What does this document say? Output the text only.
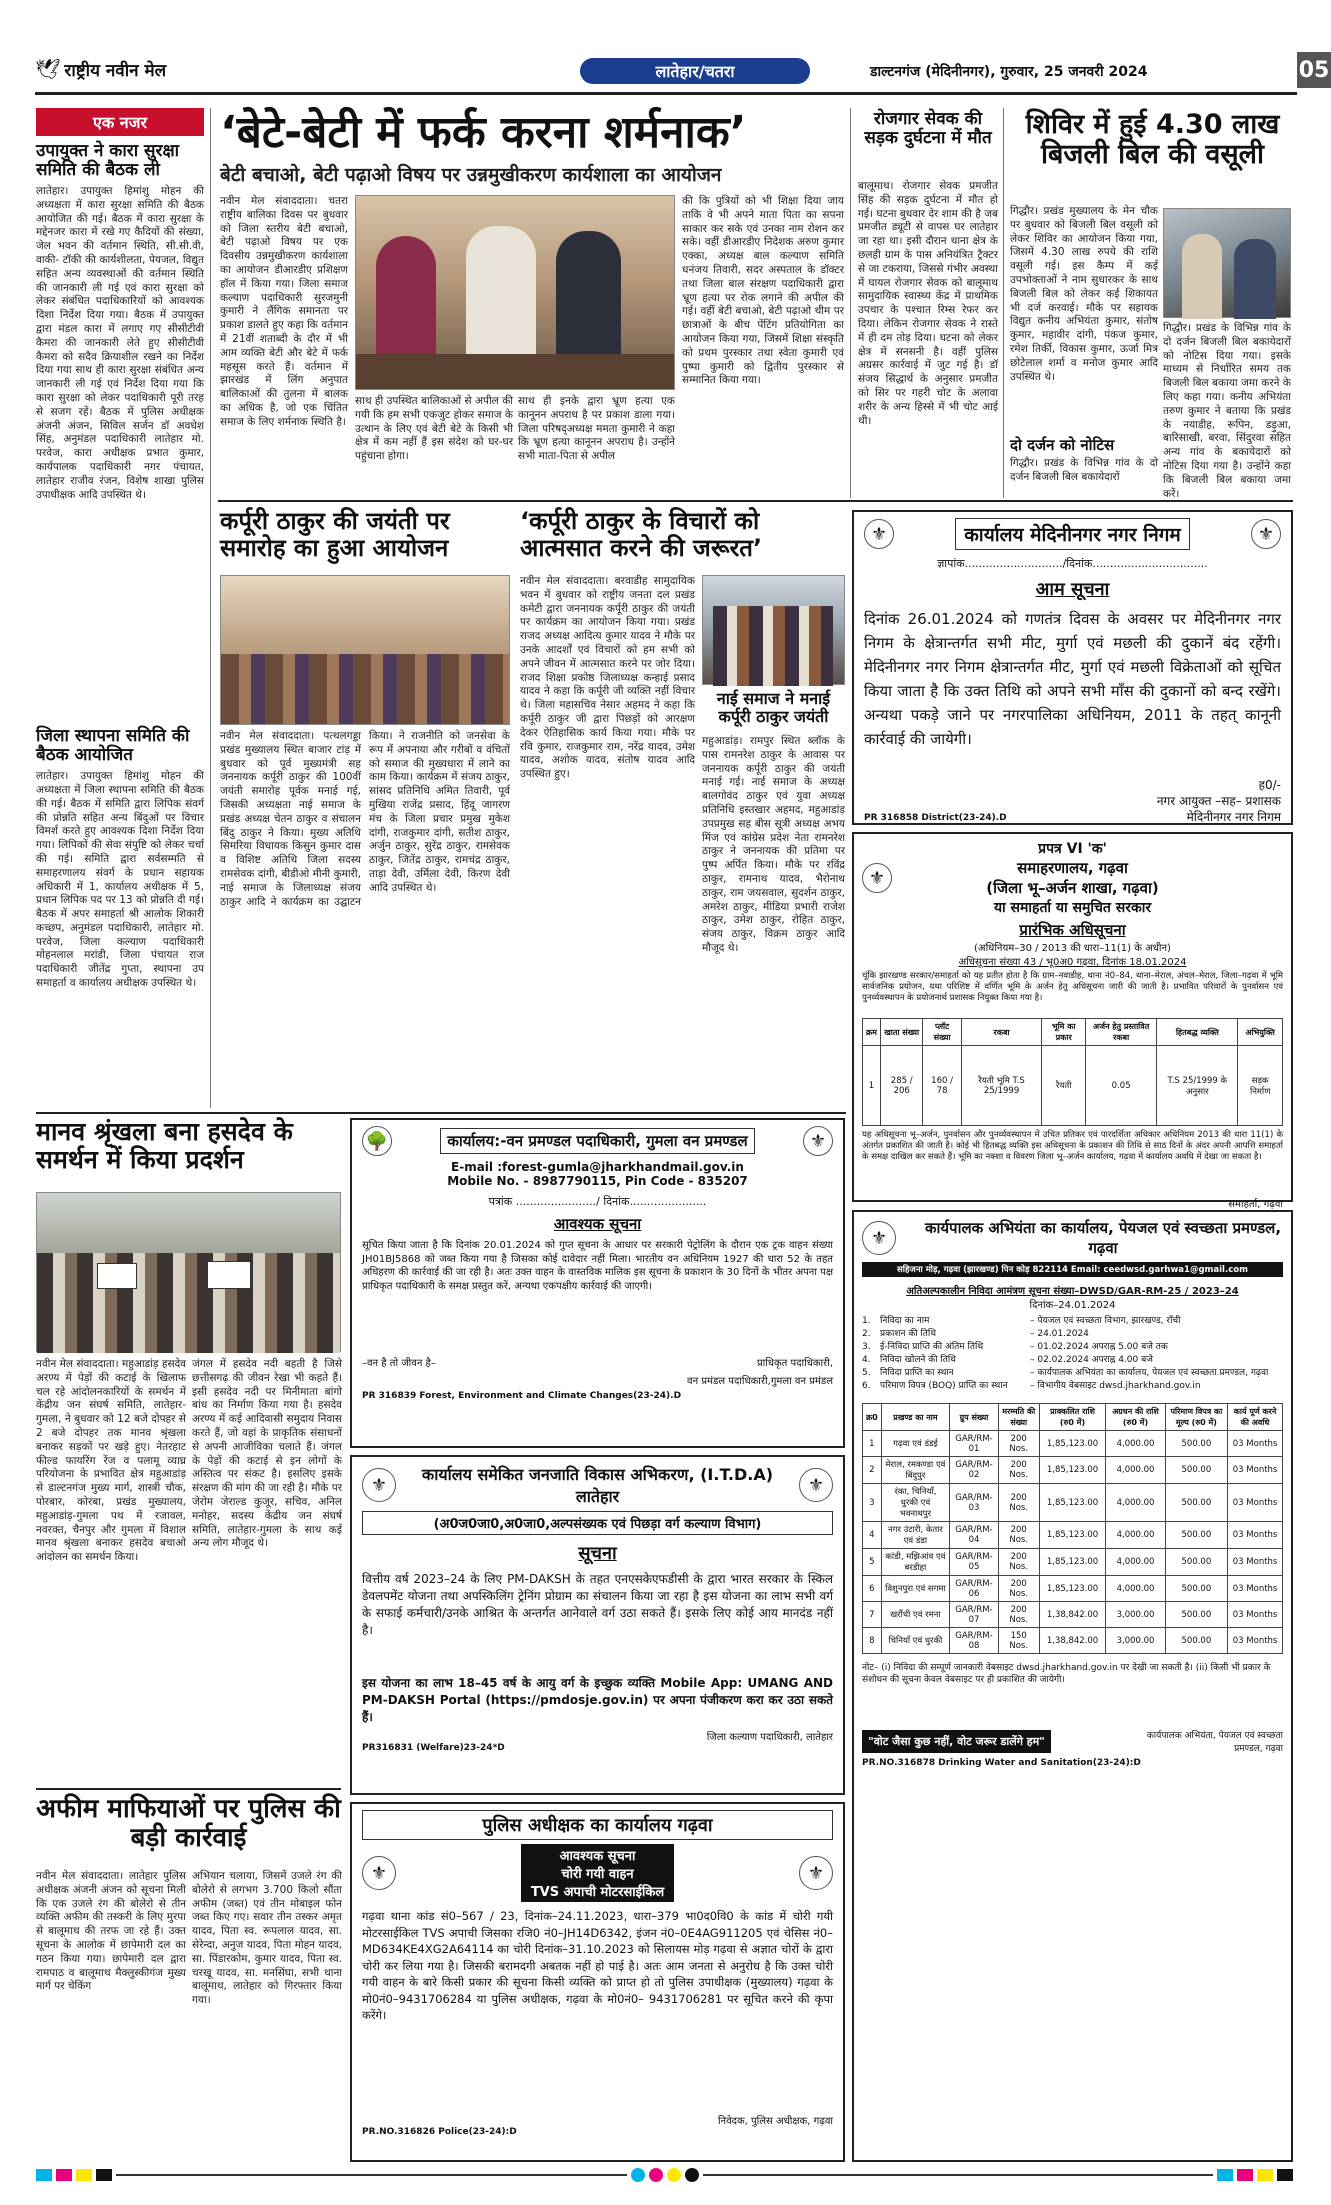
🕊 राष्ट्रीय नवीन मेल	लातेहार/चतरा	डाल्टनगंज (मेदिनीनगर), गुरुवार, 25 जनवरी 2024	05
एक नजर
उपायुक्त ने कारा सुरक्षा समिति की बैठक ली
लातेहार। उपायुक्त हिमांशु मोहन की अध्यक्षता में कारा सुरक्षा समिति की बैठक आयोजित की गई। बैठक में कारा सुरक्षा के मद्देनजर कारा में रखे गए कैदियों की संख्या, जेल भवन की वर्तमान स्थिति, सी.सी.वी, वाकी- टॉकी की कार्यशीलता, पेयजल, विद्युत सहित अन्य व्यवस्थाओं की वर्तमान स्थिति की जानकारी ली गई एवं कारा सुरक्षा को लेकर संबंधित पदाधिकारियों को आवश्यक दिशा निर्देश दिया गया। बैठक में उपायुक्त द्वारा मंडल कारा में लगाए गए सीसीटीवी कैमरा की जानकारी लेते हुए सीसीटीवी कैमरा को सदैव क्रियाशील रखने का निर्देश दिया गया साथ ही कारा सुरक्षा संबंधित अन्य जानकारी ली गई एवं निर्देश दिया गया कि कारा सुरक्षा को लेकर पदाधिकारी पूरी तरह से सजग रहें। बैठक में पुलिस अधीक्षक अंजनी अंजन, सिविल सर्जन डॉ अवधेश सिंह, अनुमंडल पदाधिकारी लातेहार मो. परवेज, कारा अधीक्षक प्रभात कुमार, कार्यपालक पदाधिकारी नगर पंचायत, लातेहार राजीव रंजन, विशेष शाखा पुलिस उपाधीक्षक आदि उपस्थित थे।
जिला स्थापना समिति की बैठक आयोजित
लातेहार। उपायुक्त हिमांशु मोहन की अध्यक्षता में जिला स्थापना समिति की बैठक की गई। बैठक में समिति द्वारा लिपिक संवर्ग की प्रोन्नति सहित अन्य बिंदुओं पर विचार विमर्श करते हुए आवश्यक दिशा निर्देश दिया गया। लिपिकों की सेवा संपुष्टि को लेकर चर्चा की गई। समिति द्वारा सर्वसम्मति से समाहरणालय संवर्ग के प्रधान सहायक अधिकारी में 1, कार्यालय अधीक्षक में 5, प्रधान लिपिक पद पर 13 को प्रोन्नति दी गई। बैठक में अपर समाहर्ता श्री आलोक शिकारी कच्छप, अनुमंडल पदाधिकारी, लातेहार मो. परवेज, जिला कल्याण पदाधिकारी मोहनलाल मरांडी, जिला पंचायत राज पदाधिकारी जीतेंद्र गुप्ता, स्थापना उप समाहर्ता व कार्यालय अधीक्षक उपस्थित थे।
‘बेटे-बेटी में फर्क करना शर्मनाक’
बेटी बचाओ, बेटी पढ़ाओ विषय पर उन्नमुखीकरण कार्यशाला का आयोजन
नवीन मेल संवाददाता। चतरा राष्ट्रीय बालिका दिवस पर बुधवार को जिला स्तरीय बेटी बचाओ, बेटी पढ़ाओ विषय पर एक दिवसीय उन्नमुखीकरण कार्यशाला का आयोजन डीआरडीए प्रशिक्षण हॉल में किया गया। जिला समाज कल्याण पदाधिकारी सुरजमुनी कुमारी ने लैंगिक समानता पर प्रकाश डालते हुए कहा कि वर्तमान में 21वीं शताब्दी के दौर में भी आम व्यक्ति बेटी और बेटे में फर्क महसूस करते हैं। वर्तमान में झारखंड में लिंग अनुपात बालिकाओं की तुलना में बालक का अधिक है, जो एक चिंतित समाज के लिए शर्मनाक स्थिति है।
साथ ही उपस्थित बालिकाओं से अपील की गयी कि हम सभी एकजुट होकर समाज के उत्थान के लिए एवं बेटी बेटे के किसी भी क्षेत्र में कम नहीं हैं इस संदेश को घर-घर पहुंचाना होगा।
साथ ही इनके द्वारा भ्रूण हत्या एक कानूनन अपराध है पर प्रकाश डाला गया। जिला परिषद्अध्यक्ष ममता कुमारी ने कहा कि भ्रूण हत्या कानूनन अपराध है। उन्होंने सभी माता-पिता से अपील
की कि पुत्रियों को भी शिक्षा दिया जाय ताकि वे भी अपने माता पिता का सपना साकार कर सके एवं उनका नाम रोशन कर सके। वहीं डीआरडीए निदेशक अरुण कुमार एक्का, अध्यक्ष बाल कल्याण समिति धनंजय तिवारी, सदर अस्पताल के डॉक्टर तथा जिला बाल संरक्षण पदाधिकारी द्वारा भ्रूण हत्या पर रोक लगाने की अपील की गई। वहीं बेटी बचाओ, बेटी पढ़ाओ थीम पर छात्राओं के बीच पेंटिंग प्रतियोगिता का आयोजन किया गया, जिसमें शिक्षा संस्कृति को प्रथम पुरस्कार तथा स्वेता कुमारी एवं पुष्पा कुमारी को द्वितीय पुरस्कार से सम्मानित किया गया।
रोजगार सेवक की सड़क दुर्घटना में मौत
बालूमाथ। रोजगार सेवक प्रमजीत सिंह की सड़क दुर्घटना में मौत हो गई। घटना बुधवार देर शाम की है जब प्रमजीत ड्यूटी से वापस घर लातेहार जा रहा था। इसी दौरान थाना क्षेत्र के छलही ग्राम के पास अनियंत्रित ट्रैक्टर से जा टकराया, जिससे गंभीर अवस्था में घायल रोजगार सेवक को बालूमाथ सामुदायिक स्वास्थ्य केंद्र में प्राथमिक उपचार के पश्चात रिम्स रेफर कर दिया। लेकिन रोजगार सेवक ने रास्ते में ही दम तोड़ दिया। घटना को लेकर क्षेत्र में सनसनी है। वहीं पुलिस अग्रसर कार्रवाई में जुट गई है। डॉ संजय सिद्धार्थ के अनुसार प्रमजीत को सिर पर गहरी चोट के अलावा शरीर के अन्य हिस्से में भी चोट आई थी।
शिविर में हुई 4.30 लाख बिजली बिल की वसूली
गिद्धौर। प्रखंड मुख्यालय के मेन चौक पर बुधवार को बिजली बिल वसूली को लेकर शिविर का आयोजन किया गया, जिसमें 4.30 लाख रुपये की राशि वसूली गई। इस कैम्प में कई उपभोक्ताओं ने नाम सुधारकर के साथ बिजली बिल को लेकर कई शिकायत भी दर्ज करवाई। मौके पर सहायक विद्युत कनीय अभियंता कुमार, संतोष कुमार, महावीर दांगी, पंकज कुमार, रमेश तिर्की, विकास कुमार, ऊर्जा मित्र छोटेलाल शर्मा व मनोज कुमार आदि उपस्थित थे।
गिद्धौर। प्रखंड के विभिन्न गांव के दो दर्जन बिजली बिल बकायेदारों को नोटिस दिया गया। इसके माध्यम से निर्धारित समय तक बिजली बिल बकाया जमा करने के लिए कहा गया। कनीय अभियंता तरुण कुमार ने बताया कि प्रखंड के नयाडीह, रूपिन, डड़ुआ, बारिसाखी, बरवा, सिंदुरवा सहित अन्य गांव के बकायेदारों को नोटिस दिया गया है। उन्होंने कहा कि बिजली बिल बकाया जमा करें।
दो दर्जन को नोटिस
गिद्धौर। प्रखंड के विभिन्न गांव के दो दर्जन बिजली बिल बकायेदारों
कर्पूरी ठाकुर की जयंती पर समारोह का हुआ आयोजन
नवीन मेल संवाददाता। पत्थलगड्डा प्रखंड मुख्यालय स्थित बाजार टांड़ में बुधवार को पूर्व मुख्यमंत्री सह जननायक कर्पूरी ठाकुर की 100वीं जयंती समारोह पूर्वक मनाई गई, जिसकी अध्यक्षता नाई समाज के प्रखंड अध्यक्ष चेतन ठाकुर व संचालन बिंदु ठाकुर ने किया। मुख्य अतिथि सिमरिया विधायक किसुन कुमार दास व विशिष्ट अतिथि जिला सदस्य रामसेवक दांगी, बीडीओ मीनी कुमारी, नाई समाज के जिलाध्यक्ष संजय ठाकुर आदि ने कार्यक्रम का उद्घाटन किया। ने राजनीति को जनसेवा के रूप में अपनाया और गरीबों व वंचितों को समाज की मुख्यधारा में लाने का काम किया। कार्यक्रम में संजय ठाकुर, सांसद प्रतिनिधि अमित तिवारी, पूर्व मुखिया राजेंद्र प्रसाद, हिंदू जागरण मंच के जिला प्रचार प्रमुख मुकेश दांगी, राजकुमार दांगी, सतीश ठाकुर, अर्जुन ठाकुर, सुरेंद्र ठाकुर, रामसेवक ठाकुर, जितेंद्र ठाकुर, रामचंद्र ठाकुर, ताड़ा देवी, उर्मिला देवी, किरण देवी आदि उपस्थित थे।
‘कर्पूरी ठाकुर के विचारों को आत्मसात करने की जरूरत’
नवीन मेल संवाददाता। बरवाडीह सामुदायिक भवन में बुधवार को राष्ट्रीय जनता दल प्रखंड कमेटी द्वारा जननायक कर्पूरी ठाकुर की जयंती पर कार्यक्रम का आयोजन किया गया। प्रखंड राजद अध्यक्ष आदित्य कुमार यादव ने मौके पर उनके आदर्शों एवं विचारों को हम सभी को अपने जीवन में आत्मसात करने पर जोर दिया। राजद शिक्षा प्रकोष्ठ जिलाध्यक्ष कन्हाई प्रसाद यादव ने कहा कि कर्पूरी जी व्यक्ति नहीं विचार थे। जिला महासचिव नेसार अहमद ने कहा कि कर्पूरी ठाकुर जी द्वारा पिछड़ों को आरक्षण देकर ऐतिहासिक कार्य किया गया। मौके पर रवि कुमार, राजकुमार राम, नरेंद्र यादव, उमेश यादव, अशोक यादव, संतोष यादव आदि उपस्थित हुए।
नाई समाज ने मनाई कर्पूरी ठाकुर जयंती
महुआडांड़। रामपुर स्थित ब्लॉक के पास रामनरेश ठाकुर के आवास पर जननायक कर्पूरी ठाकुर की जयंती मनाई गई। नाई समाज के अध्यक्ष बालगोवंद ठाकुर एवं युवा अध्यक्ष प्रतिनिधि इस्तखार अहमद, महुआडांड़ उपप्रमुख सह बीस सूत्री अध्यक्ष अभय मिंज एवं कांग्रेस प्रदेश नेता रामनरेश ठाकुर ने जननायक की प्रतिमा पर पुष्प अर्पित किया। मौके पर रविंद्र ठाकुर, रामनाथ यादव, भैरोनाथ ठाकुर, राम जयसवाल, सुदर्शन ठाकुर, अमरेश ठाकुर, मीडिया प्रभारी राजेश ठाकुर, उमेश ठाकुर, रोहित ठाकुर, संजय ठाकुर, विक्रम ठाकुर आदि मौजूद थे।
⚜	कार्यालय मेदिनीनगर नगर निगम	⚜
ज्ञापांक............................/दिनांक.................................
आम सूचना
दिनांक 26.01.2024 को गणतंत्र दिवस के अवसर पर मेदिनीनगर नगर निगम के क्षेत्रान्तर्गत सभी मीट, मुर्गा एवं मछली की दुकानें बंद रहेंगी। मेदिनीनगर नगर निगम क्षेत्रान्तर्गत मीट, मुर्गा एवं मछली विक्रेताओं को सूचित किया जाता है कि उक्त तिथि को अपने सभी माँस की दुकानों को बन्द रखेंगे। अन्यथा पकड़े जाने पर नगरपालिका अधिनियम, 2011 के तहत् कानूनी कार्रवाई की जायेगी।
ह0/-
नगर आयुक्त –सह– प्रशासक
मेदिनीनगर नगर निगम
PR 316858 District(23-24).D
⚜
प्रपत्र VI 'क'
समाहरणालय, गढ़वा
(जिला भू–अर्जन शाखा, गढ़वा)
या समाहर्ता या समुचित सरकार
प्रारंभिक अधिसूचना
(अधिनियम–30 / 2013 की धारा–11(1) के अधीन)
अधिसूचना संख्या 43 / भू0अ0 गढ़वा, दिनांक 18.01.2024
चूंकि झारखण्ड सरकार/समाहर्ता को यह प्रतीत होता है कि ग्राम–नवाडीह, थाना नं0–84, थाना–मेराल, अंचल–मेराल, जिला–गढ़वा में भूमि सार्वजनिक प्रयोजन, यथा परिशिष्ट में वर्णित भूमि के अर्जन हेतु अधिसूचना जारी की जाती है। प्रभावित परिवारों के पुनर्वासन एवं पुनर्व्यवस्थापन के प्रयोजनार्थ प्रशासक नियुक्त किया गया है।
क्रम	खाता संख्या	प्लॉट संख्या	रकबा	भूमि का प्रकार	अर्जन हेतु प्रस्तावित रकबा	हितबद्ध व्यक्ति	अभियुक्ति
1	285 / 206	160 / 78	रैयती भूमि T.S 25/1999	रैयती	0.05	T.S 25/1999 के अनुसार	सड़क निर्माण
यह अधिसूचना भू–अर्जन, पुनर्वासन और पुनर्व्यवस्थापन में उचित प्रतिकर एवं पारदर्शिता अधिकार अधिनियम 2013 की धारा 11(1) के अंतर्गत प्रकाशित की जाती है। कोई भी हितबद्ध व्यक्ति इस अधिसूचना के प्रकाशन की तिथि से साठ दिनों के अंदर अपनी आपत्ति समाहर्ता के समक्ष दाखिल कर सकते हैं। भूमि का नक्शा व विवरण जिला भू–अर्जन कार्यालय, गढ़वा में कार्यालय अवधि में देखा जा सकता है।
समाहर्ता, गढ़वा
मानव श्रृंखला बना हसदेव के समर्थन में किया प्रदर्शन
नवीन मेल संवाददाता। महुआडांड़ हसदेव अरण्य में पेड़ों की कटाई के खिलाफ चल रहे आंदोलनकारियों के समर्थन में केंद्रीय जन संघर्ष समिति, लातेहार-गुमला, ने बुधवार को 12 बजे दोपहर से 2 बजे दोपहर तक मानव श्रृंखला बनाकर सड़कों पर खड़े हुए। नेतरहाट फील्ड फायरिंग रेंज व पलामू व्याघ्र परियोजना के प्रभावित क्षेत्र महुआडांड़ से डाल्टनगंज मुख्य मार्ग, शास्त्री चौक, पोरबार, कोरबा, प्रखंड मुख्यालय, महुआडांड़-गुमला पथ में रजावल, नवरक्त, चैनपुर और गुमला में विशाल मानव श्रृंखला बनाकर हसदेव बचाओ आंदोलन का समर्थन किया।
जंगल में हसदेव नदी बहती है जिसे छत्तीसगढ़ की जीवन रेखा भी कहते हैं। इसी हसदेव नदी पर मिनीमाता बांगो बांध का निर्माण किया गया है। हसदेव अरण्य में कई आदिवासी समुदाय निवास करते हैं, जो वहां के प्राकृतिक संसाधनों से अपनी आजीविका चलाते हैं। जंगल के पेड़ों की कटाई से इन लोगों के अस्तित्व पर संकट है। इसलिए इसके संरक्षण की मांग की जा रही है। मौके पर जेरोम जेराल्ड कुजूर, सचिव, अनिल मनोहर, सदस्य केंद्रीय जन संघर्ष समिति, लातेहार-गुमला के साथ कई अन्य लोग मौजूद थे।
अफीम माफियाओं पर पुलिस की बड़ी कार्रवाई
नवीन मेल संवाददाता। लातेहार पुलिस अधीक्षक अंजनी अंजन को सूचना मिली कि एक उजले रंग की बोलेरो से तीन व्यक्ति अफीम की तस्करी के लिए मुरपा से बालूमाथ की तरफ जा रहे हैं। उक्त सूचना के आलोक में छापेमारी दल का गठन किया गया। छापेमारी दल द्वारा रामपाठ व बालूमाथ मैक्लुस्कीगंज मुख्य मार्ग पर चेकिंग
अभियान चलाया, जिसमें उजले रंग की बोलेरो से लगभग 3.700 किलो सौंता अफीम (जब्त) एवं तीन मोबाइल फोन जब्त किए गए। सवार तीन तस्कर अमृत यादव, पिता स्व. रूपलाल यादव, सा. सेरेन्दा, अनुज यादव, पिता मोहन यादव, सा. पिंडारकोम, कुमार यादव, पिता स्व. चरखू यादव, सा. मनसिंघा, सभी थाना बालूमाथ, लातेहार को गिरफ्तार किया गया।
🌳	कार्यालय:-वन प्रमण्डल पदाधिकारी, गुमला वन प्रमण्डल	⚜
E-mail :forest-gumla@jharkhandmail.gov.in
Mobile No. - 8987790115, Pin Code - 835207
पत्रांक ......................./ दिनांक......................
आवश्यक सूचना
सूचित किया जाता है कि दिनांक 20.01.2024 को गुप्त सूचना के आधार पर सरकारी पेट्रोलिंग के दौरान एक ट्रक वाहन संख्या JH01BJ5868 को जब्त किया गया है जिसका कोई दावेदार नहीं मिला। भारतीय वन अधिनियम 1927 की धारा 52 के तहत अधिहरण की कार्रवाई की जा रही है। अतः उक्त वाहन के वास्तविक मालिक इस सूचना के प्रकाशन के 30 दिनों के भीतर अपना पक्ष प्राधिकृत पदाधिकारी के समक्ष प्रस्तुत करें, अन्यथा एकपक्षीय कार्रवाई की जाएगी।
–वन है तो जीवन है–	प्राधिकृत पदाधिकारी,
वन प्रमंडल पदाधिकारी,गुमला वन प्रमंडल
PR 316839 Forest, Environment and Climate Changes(23-24).D
⚜	कार्यालय समेकित जनजाति विकास अभिकरण, (I.T.D.A) लातेहार
⚜
(अ0ज0जा0,अ0जा0,अल्पसंख्यक एवं पिछड़ा वर्ग कल्याण विभाग)
सूचना
वित्तीय वर्ष 2023–24 के लिए PM-DAKSH के तहत एनएसकेएफडीसी के द्वारा भारत सरकार के स्किल डेवलपमेंट योजना तथा अपस्किलिंग ट्रेनिंग प्रोग्राम का संचालन किया जा रहा है इस योजना का लाभ सभी वर्ग के सफाई कर्मचारी/उनके आश्रित के अन्तर्गत आनेवाले वर्ग उठा सकते हैं। इसके लिए कोई आय मानदंड नहीं है।
इस योजना का लाभ 18–45 वर्ष के आयु वर्ग के इच्छुक व्यक्ति Mobile App: UMANG AND PM-DAKSH Portal (https://pmdosje.gov.in) पर अपना पंजीकरण करा कर उठा सकते हैं।
जिला कल्याण पदाधिकारी, लातेहार
PR316831 (Welfare)23-24*D
पुलिस अधीक्षक का कार्यालय गढ़वा
⚜
आवश्यक सूचना
चोरी गयी वाहन
TVS अपाची मोटरसाईकिल
⚜
गढ़वा थाना कांड सं0–567 / 23, दिनांक–24.11.2023, धारा–379 भा0द0वि0 के कांड में चोरी गयी मोटरसाईकिल TVS अपाची जिसका रजि0 नं0–JH14D6342, इंजन नं0–0E4AG911205 एवं चेसिस नं0–MD634KE4XG2A64114 का चोरी दिनांक–31.10.2023 को सिलायस मोड़ गढ़वा से अज्ञात चोरों के द्वारा चोरी कर लिया गया है। जिसकी बरामदगी अबतक नहीं हो पाई है। अतः आम जनता से अनुरोध है कि उक्त चोरी गयी वाहन के बारे किसी प्रकार की सूचना किसी व्यक्ति को प्राप्त हो तो पुलिस उपाधीक्षक (मुख्यालय) गढ़वा के मो0नं0–9431706284 या पुलिस अधीक्षक, गढ़वा के मो0नं0– 9431706281 पर सूचित करने की कृपा करेंगे।
निवेदक, पुलिस अधीक्षक, गढ़वा
PR.NO.316826 Police(23-24):D
⚜	कार्यपालक अभियंता का कार्यालय, पेयजल एवं स्वच्छता प्रमण्डल, गढ़वा
सहिजना मोड़, गढ़वा (झारखण्ड) पिन कोड़ 822114 Email: ceedwsd.garhwa1@gmail.com
अतिअल्पकालीन निविदा आमंत्रण सूचना संख्या–DWSD/GAR-RM-25 / 2023–24
दिनांक–24.01.2024
1.	निविदा का नाम	– पेयजल एवं स्वच्छता विभाग, झारखण्ड, राँची
2.	प्रकाशन की तिथि	– 24.01.2024
3.	ई-निविदा प्राप्ति की अंतिम तिथि	– 01.02.2024 अपराह्न 5.00 बजे तक
4.	निविदा खोलने की तिथि	– 02.02.2024 अपराह्न 4.00 बजे
5.	निविदा प्राप्ति का स्थान	– कार्यपालक अभियंता का कार्यालय, पेयजल एवं स्वच्छता प्रमण्डल, गढ़वा
6.	परिमाण विपत्र (BOQ) प्राप्ति का स्थान	– विभागीय वेबसाइट dwsd.jharkhand.gov.in
क्र0	प्रखण्ड का नाम	ग्रुप संख्या	मरम्मति की संख्या	प्राक्कलित राशि (रु0 में)	अग्रधन की राशि (रु0 में)	परिमाण विपत्र का मूल्य (रु0 में)	कार्य पूर्ण करने की अवधि
1	गढ़वा एवं डंडई	GAR/RM-01	200 Nos.	1,85,123.00	4,000.00	500.00	03 Months
2	मेराल, रमकण्डा एवं बिंदुपुर	GAR/RM-02	200 Nos.	1,85,123.00	4,000.00	500.00	03 Months
3	रंका, चिनियाँ, धुरकी एवं भवनाथपुर	GAR/RM-03	200 Nos.	1,85,123.00	4,000.00	500.00	03 Months
4	नगर उंटारी, केतार एवं डंडा	GAR/RM-04	200 Nos.	1,85,123.00	4,000.00	500.00	03 Months
5	कांडी, मझिआंव एवं बरडीहा	GAR/RM-05	200 Nos.	1,85,123.00	4,000.00	500.00	03 Months
6	विशुनपुरा एवं सगमा	GAR/RM-06	200 Nos.	1,85,123.00	4,000.00	500.00	03 Months
7	खरौंधी एवं रमना	GAR/RM-07	200 Nos.	1,38,842.00	3,000.00	500.00	03 Months
8	चिनियाँ एवं धुरकी	GAR/RM-08	150 Nos.	1,38,842.00	3,000.00	500.00	03 Months
नोट– (i) निविदा की सम्पूर्ण जानकारी वेबसाइट dwsd.jharkhand.gov.in पर देखी जा सकती है। (ii) किसी भी प्रकार के संशोधन की सूचना केवल वेबसाइट पर ही प्रकाशित की जायेगी।
"वोट जैसा कुछ नहीं, वोट जरूर डालेंगे हम"	कार्यपालक अभियंता, पेयजल एवं स्वच्छता प्रमण्डल, गढ़वा
PR.NO.316878 Drinking Water and Sanitation(23-24):D
